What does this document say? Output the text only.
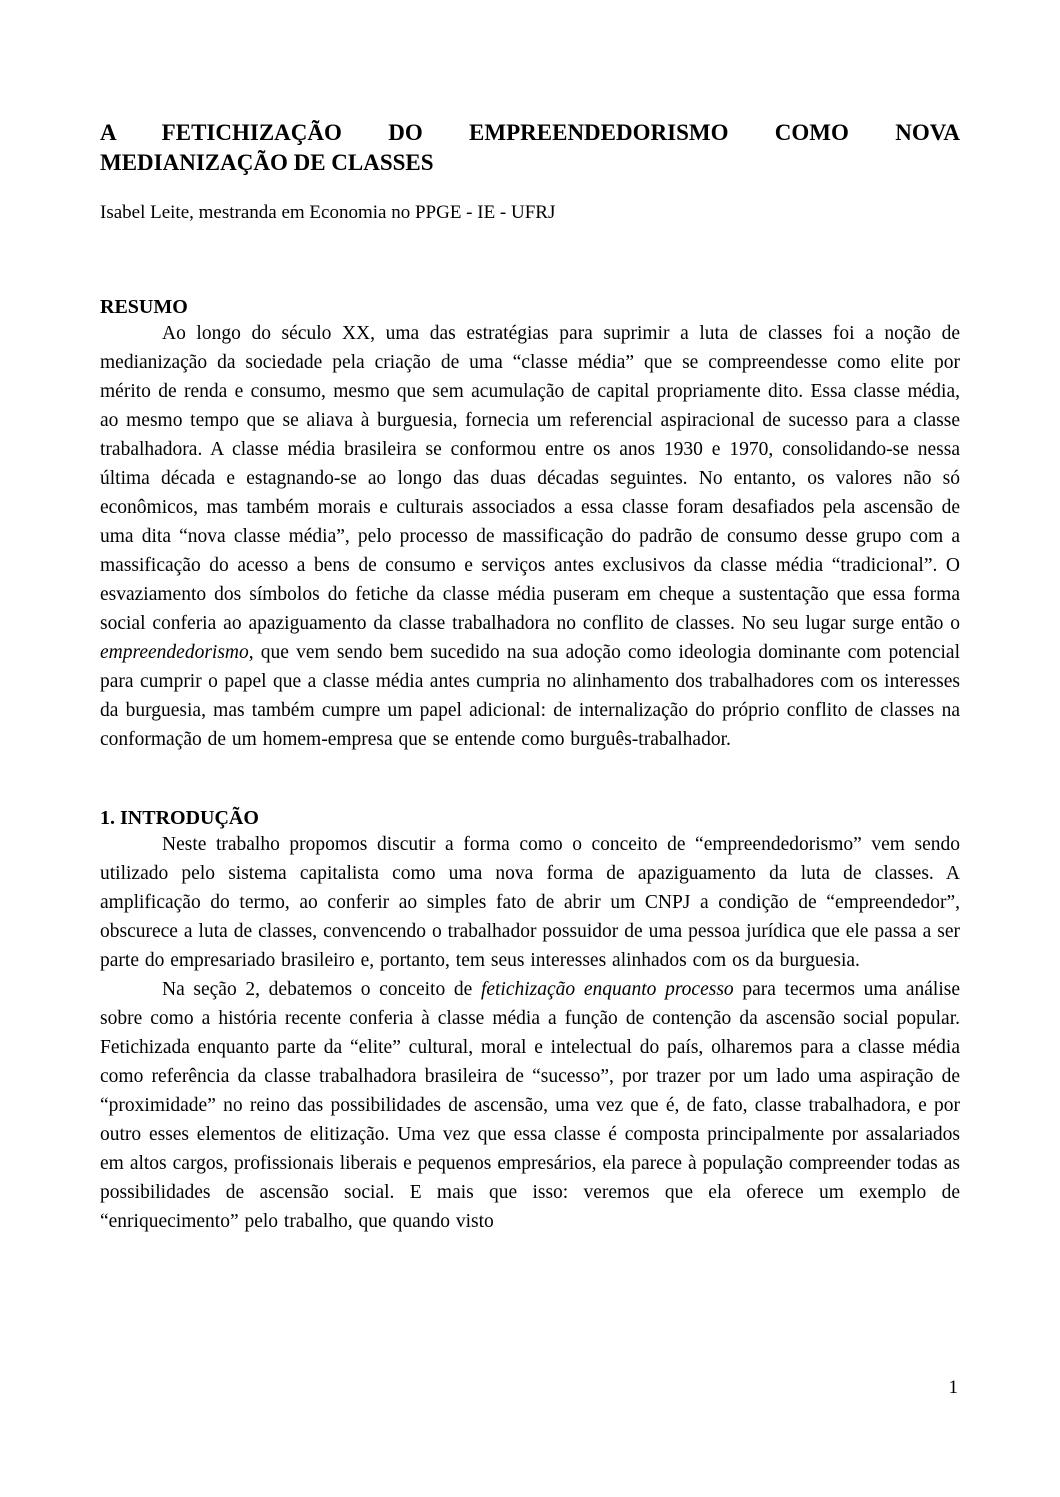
A FETICHIZAÇÃO DO EMPREENDEDORISMO COMO NOVA
MEDIANIZAÇÃO DE CLASSES
Isabel Leite, mestranda em Economia no PPGE - IE - UFRJ
RESUMO

Ao longo do século XX, uma das estratégias para suprimir a luta de classes foi a noção de medianização da sociedade pela criação de uma “classe média” que se compreendesse como elite por mérito de renda e consumo, mesmo que sem acumulação de capital propriamente dito. Essa classe média, ao mesmo tempo que se aliava à burguesia, fornecia um referencial aspiracional de sucesso para a classe trabalhadora. A classe média brasileira se conformou entre os anos 1930 e 1970, consolidando-se nessa última década e estagnando-se ao longo das duas décadas seguintes. No entanto, os valores não só econômicos, mas também morais e culturais associados a essa classe foram desafiados pela ascensão de uma dita “nova classe média”, pelo processo de massificação do padrão de consumo desse grupo com a massificação do acesso a bens de consumo e serviços antes exclusivos da classe média “tradicional”. O esvaziamento dos símbolos do fetiche da classe média puseram em cheque a sustentação que essa forma social conferia ao apaziguamento da classe trabalhadora no conflito de classes. No seu lugar surge então o empreendedorismo, que vem sendo bem sucedido na sua adoção como ideologia dominante com potencial para cumprir o papel que a classe média antes cumpria no alinhamento dos trabalhadores com os interesses da burguesia, mas também cumpre um papel adicional: de internalização do próprio conflito de classes na conformação de um homem-empresa que se entende como burguês-trabalhador.

1. INTRODUÇÃO

Neste trabalho propomos discutir a forma como o conceito de “empreendedorismo” vem sendo utilizado pelo sistema capitalista como uma nova forma de apaziguamento da luta de classes. A amplificação do termo, ao conferir ao simples fato de abrir um CNPJ a condição de “empreendedor”, obscurece a luta de classes, convencendo o trabalhador possuidor de uma pessoa jurídica que ele passa a ser parte do empresariado brasileiro e, portanto, tem seus interesses alinhados com os da burguesia.

Na seção 2, debatemos o conceito de fetichização enquanto processo para tecermos uma análise sobre como a história recente conferia à classe média a função de contenção da ascensão social popular. Fetichizada enquanto parte da “elite” cultural, moral e intelectual do país, olharemos para a classe média como referência da classe trabalhadora brasileira de “sucesso”, por trazer por um lado uma aspiração de “proximidade” no reino das possibilidades de ascensão, uma vez que é, de fato, classe trabalhadora, e por outro esses elementos de elitização. Uma vez que essa classe é composta principalmente por assalariados em altos cargos, profissionais liberais e pequenos empresários, ela parece à população compreender todas as possibilidades de ascensão social. E mais que isso: veremos que ela oferece um exemplo de “enriquecimento” pelo trabalho, que quando visto

1
